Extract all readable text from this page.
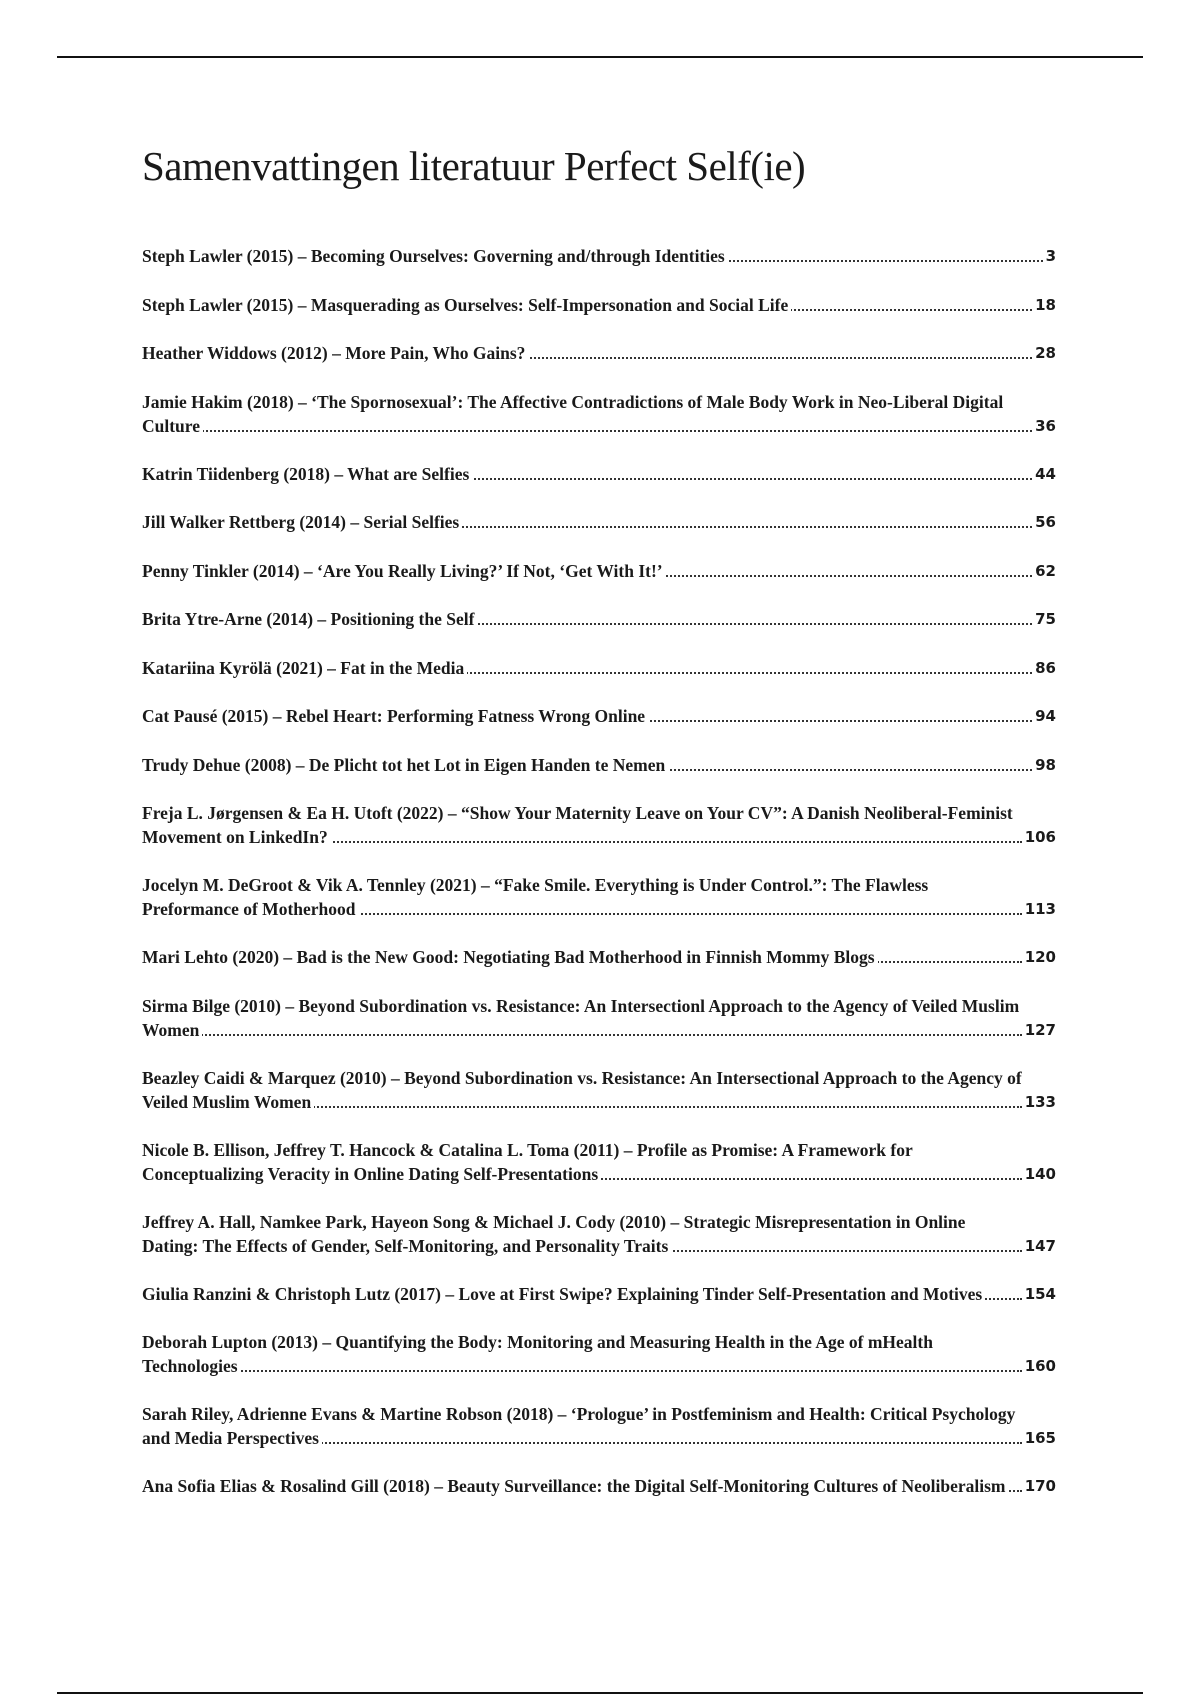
Samenvattingen literatuur Perfect Self(ie)
Steph Lawler (2015) – Becoming Ourselves: Governing and/through Identities	3
Steph Lawler (2015) – Masquerading as Ourselves: Self-Impersonation and Social Life	18
Heather Widdows (2012) – More Pain, Who Gains?	28
Jamie Hakim (2018) – ‘The Spornosexual’: The Affective Contradictions of Male Body Work in Neo-Liberal Digital Culture	36
Katrin Tiidenberg (2018) – What are Selfies	44
Jill Walker Rettberg (2014) – Serial Selfies	56
Penny Tinkler (2014) – ‘Are You Really Living?’ If Not, ‘Get With It!’	62
Brita Ytre-Arne (2014) – Positioning the Self	75
Katariina Kyrölä (2021) – Fat in the Media	86
Cat Pausé (2015) – Rebel Heart: Performing Fatness Wrong Online	94
Trudy Dehue (2008) – De Plicht tot het Lot in Eigen Handen te Nemen	98
Freja L. Jørgensen & Ea H. Utoft (2022) – “Show Your Maternity Leave on Your CV”: A Danish Neoliberal-Feminist Movement on LinkedIn?	106
Jocelyn M. DeGroot & Vik A. Tennley (2021) – “Fake Smile. Everything is Under Control.”: The Flawless Preformance of Motherhood	113
Mari Lehto (2020) – Bad is the New Good: Negotiating Bad Motherhood in Finnish Mommy Blogs	120
Sirma Bilge (2010) – Beyond Subordination vs. Resistance: An Intersectionl Approach to the Agency of Veiled Muslim Women	127
Beazley Caidi & Marquez (2010) – Beyond Subordination vs. Resistance: An Intersectional Approach to the Agency of Veiled Muslim Women	133
Nicole B. Ellison, Jeffrey T. Hancock & Catalina L. Toma (2011) – Profile as Promise: A Framework for Conceptualizing Veracity in Online Dating Self-Presentations	140
Jeffrey A. Hall, Namkee Park, Hayeon Song & Michael J. Cody (2010) – Strategic Misrepresentation in Online Dating: The Effects of Gender, Self-Monitoring, and Personality Traits	147
Giulia Ranzini & Christoph Lutz (2017) – Love at First Swipe? Explaining Tinder Self-Presentation and Motives	154
Deborah Lupton (2013) – Quantifying the Body: Monitoring and Measuring Health in the Age of mHealth Technologies	160
Sarah Riley, Adrienne Evans & Martine Robson (2018) – ‘Prologue’ in Postfeminism and Health: Critical Psychology and Media Perspectives	165
Ana Sofia Elias & Rosalind Gill (2018) – Beauty Surveillance: the Digital Self-Monitoring Cultures of Neoliberalism	170
